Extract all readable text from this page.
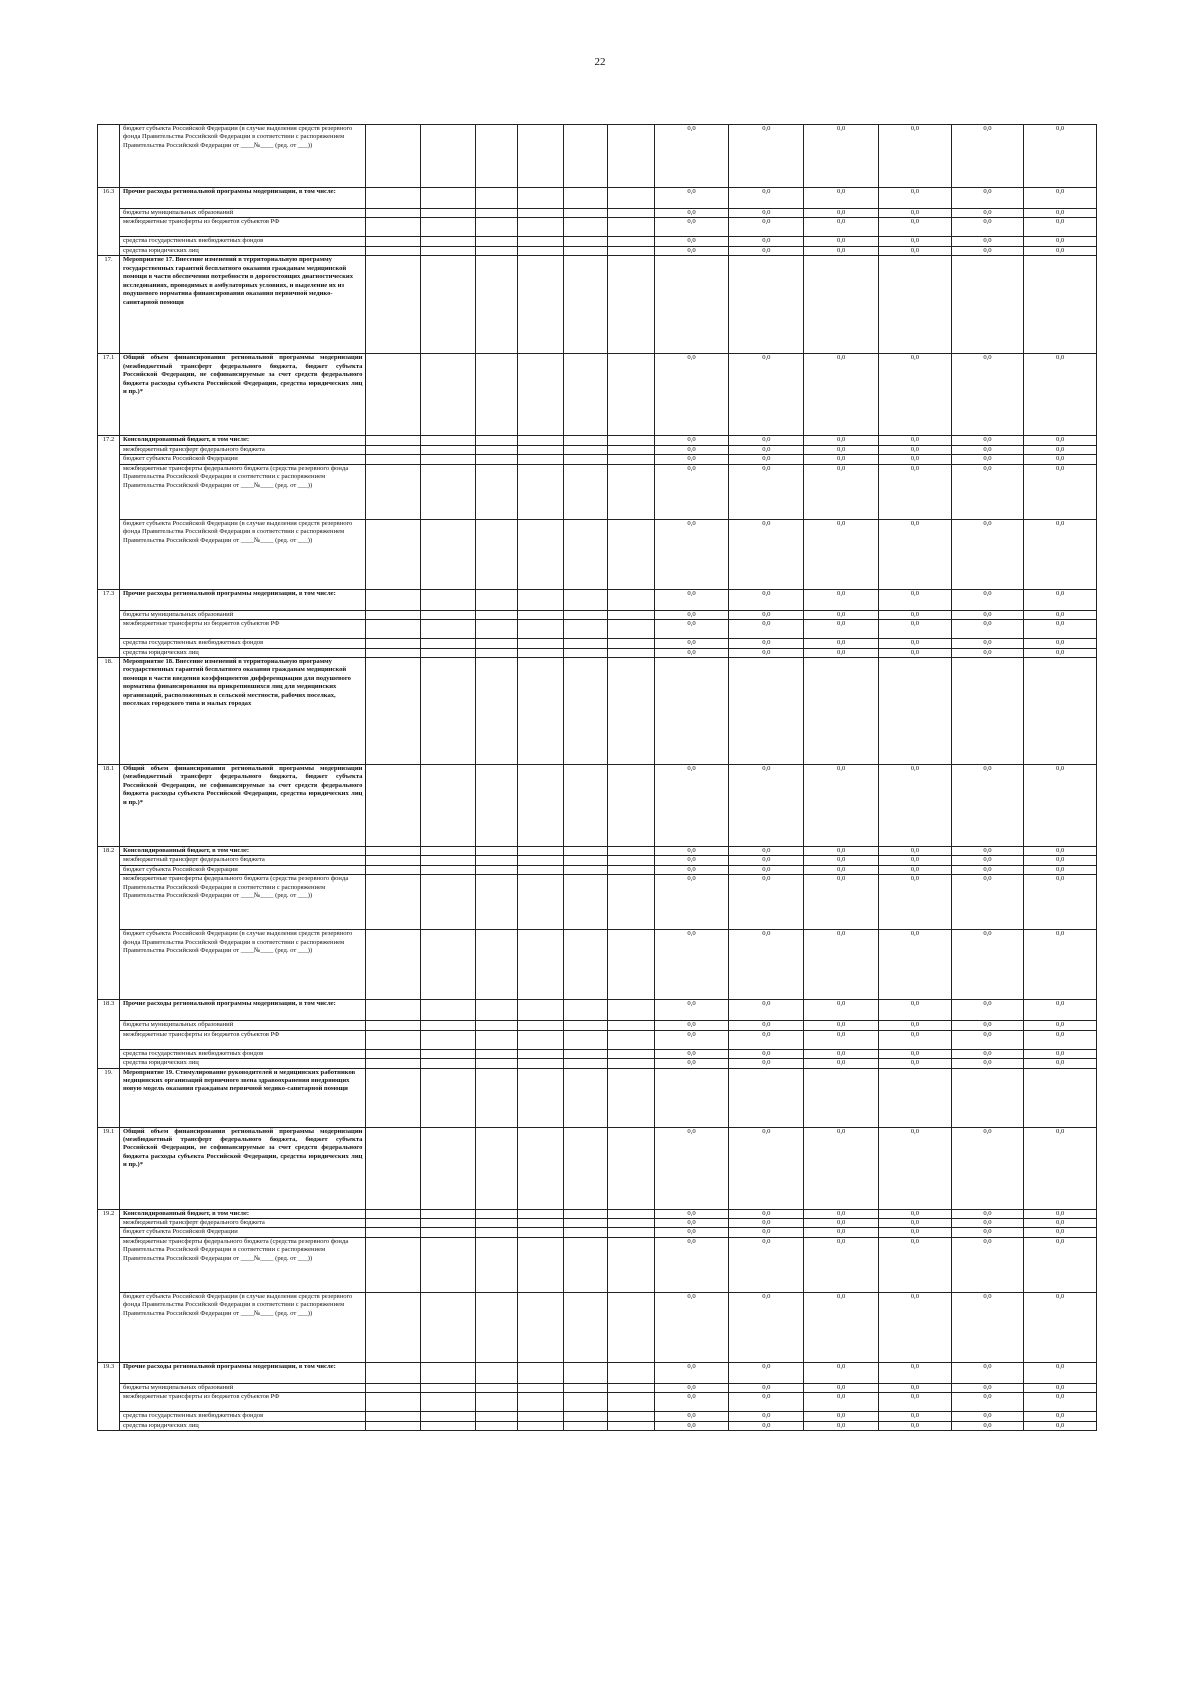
22
	бюджет субъекта Российской Федерации (в случае выделения средств резервного фонда Правительства Российской Федерации в соответствии с распоряжением Правительства Российской Федерации от ____№____ (ред. от ___))							0,0	0,0	0,0	0,0	0,0	0,0
16.3	Прочие расходы региональной программы модернизации, в том числе:							0,0	0,0	0,0	0,0	0,0	0,0
	бюджеты муниципальных образований							0,0	0,0	0,0	0,0	0,0	0,0
	межбюджетные трансферты из бюджетов субъектов РФ							0,0	0,0	0,0	0,0	0,0	0,0
	средства государственных внебюджетных фондов							0,0	0,0	0,0	0,0	0,0	0,0
	средства юридических лиц							0,0	0,0	0,0	0,0	0,0	0,0
17.	Мероприятие 17. Внесение изменений в территориальную программу государственных гарантий бесплатного оказания гражданам медицинской помощи в части обеспечения потребности в дорогостоящих диагностических исследованиях, проводимых в амбулаторных условиях, и выделение их из подушевого норматива финансирования оказания первичной медико-санитарной помощи												
17.1	Общий объем финансирования региональной программы модернизации (межбюджетный трансферт федерального бюджета, бюджет субъекта Российской Федерации, не софинансируемые за счет средств федерального бюджета расходы субъекта Российской Федерации, средства юридических лиц и пр.)*							0,0	0,0	0,0	0,0	0,0	0,0
17.2	Консолидированный бюджет, в том числе:							0,0	0,0	0,0	0,0	0,0	0,0
	межбюджетный трансферт федерального бюджета							0,0	0,0	0,0	0,0	0,0	0,0
	бюджет субъекта Российской Федерации							0,0	0,0	0,0	0,0	0,0	0,0
	межбюджетные трансферты федерального бюджета (средства резервного фонда Правительства Российской Федерации в соответствии с распоряжением Правительства Российской Федерации от ____№____ (ред. от ___))							0,0	0,0	0,0	0,0	0,0	0,0
	бюджет субъекта Российской Федерации (в случае выделения средств резервного фонда Правительства Российской Федерации в соответствии с распоряжением Правительства Российской Федерации от ____№____ (ред. от ___))							0,0	0,0	0,0	0,0	0,0	0,0
17.3	Прочие расходы региональной программы модернизации, в том числе:							0,0	0,0	0,0	0,0	0,0	0,0
	бюджеты муниципальных образований							0,0	0,0	0,0	0,0	0,0	0,0
	межбюджетные трансферты из бюджетов субъектов РФ							0,0	0,0	0,0	0,0	0,0	0,0
	средства государственных внебюджетных фондов							0,0	0,0	0,0	0,0	0,0	0,0
	средства юридических лиц							0,0	0,0	0,0	0,0	0,0	0,0
18.	Мероприятие 18. Внесение изменений в территориальную программу государственных гарантий бесплатного оказания гражданам медицинской помощи в части введения коэффициентов дифференциации для подушевого норматива финансирования на прикрепившихся лиц для медицинских организаций, расположенных в сельской местности, рабочих поселках, поселках городского типа и малых городах												
18.1	Общий объем финансирования региональной программы модернизации (межбюджетный трансферт федерального бюджета, бюджет субъекта Российской Федерации, не софинансируемые за счет средств федерального бюджета расходы субъекта Российской Федерации, средства юридических лиц и пр.)*							0,0	0,0	0,0	0,0	0,0	0,0
18.2	Консолидированный бюджет, в том числе:							0,0	0,0	0,0	0,0	0,0	0,0
	межбюджетный трансферт федерального бюджета							0,0	0,0	0,0	0,0	0,0	0,0
	бюджет субъекта Российской Федерации							0,0	0,0	0,0	0,0	0,0	0,0
	межбюджетные трансферты федерального бюджета (средства резервного фонда Правительства Российской Федерации в соответствии с распоряжением Правительства Российской Федерации от ____№____ (ред. от ___))							0,0	0,0	0,0	0,0	0,0	0,0
	бюджет субъекта Российской Федерации (в случае выделения средств резервного фонда Правительства Российской Федерации в соответствии с распоряжением Правительства Российской Федерации от ____№____ (ред. от ___))							0,0	0,0	0,0	0,0	0,0	0,0
18.3	Прочие расходы региональной программы модернизации, в том числе:							0,0	0,0	0,0	0,0	0,0	0,0
	бюджеты муниципальных образований							0,0	0,0	0,0	0,0	0,0	0,0
	межбюджетные трансферты из бюджетов субъектов РФ							0,0	0,0	0,0	0,0	0,0	0,0
	средства государственных внебюджетных фондов							0,0	0,0	0,0	0,0	0,0	0,0
	средства юридических лиц							0,0	0,0	0,0	0,0	0,0	0,0
19.	Мероприятие 19. Стимулирование руководителей и медицинских работников медицинских организаций первичного звена здравоохранения внедряющих новую модель оказания гражданам первичной медико-санитарной помощи												
19.1	Общий объем финансирования региональной программы модернизации (межбюджетный трансферт федерального бюджета, бюджет субъекта Российской Федерации, не софинансируемые за счет средств федерального бюджета расходы субъекта Российской Федерации, средства юридических лиц и пр.)*							0,0	0,0	0,0	0,0	0,0	0,0
19.2	Консолидированный бюджет, в том числе:							0,0	0,0	0,0	0,0	0,0	0,0
	межбюджетный трансферт федерального бюджета							0,0	0,0	0,0	0,0	0,0	0,0
	бюджет субъекта Российской Федерации							0,0	0,0	0,0	0,0	0,0	0,0
	межбюджетные трансферты федерального бюджета (средства резервного фонда Правительства Российской Федерации в соответствии с распоряжением Правительства Российской Федерации от ____№____ (ред. от ___))							0,0	0,0	0,0	0,0	0,0	0,0
	бюджет субъекта Российской Федерации (в случае выделения средств резервного фонда Правительства Российской Федерации в соответствии с распоряжением Правительства Российской Федерации от ____№____ (ред. от ___))							0,0	0,0	0,0	0,0	0,0	0,0
19.3	Прочие расходы региональной программы модернизации, в том числе:							0,0	0,0	0,0	0,0	0,0	0,0
	бюджеты муниципальных образований							0,0	0,0	0,0	0,0	0,0	0,0
	межбюджетные трансферты из бюджетов субъектов РФ							0,0	0,0	0,0	0,0	0,0	0,0
	средства государственных внебюджетных фондов							0,0	0,0	0,0	0,0	0,0	0,0
	средства юридических лиц							0,0	0,0	0,0	0,0	0,0	0,0
